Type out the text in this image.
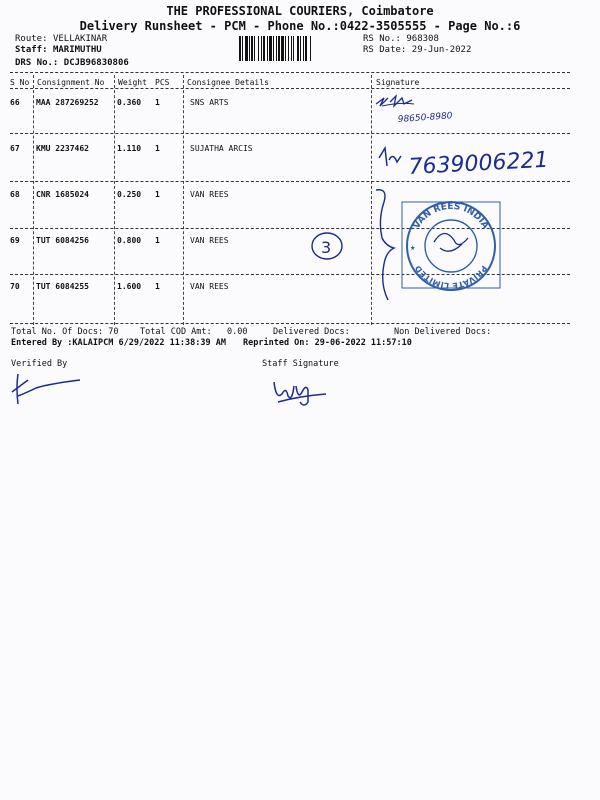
THE PROFESSIONAL COURIERS, Coimbatore
Delivery Runsheet - PCM - Phone No.:0422-3505555 - Page No.:6
Route: VELLAKINAR
Staff: MARIMUTHU
DRS No.: DCJB96830806
RS No.: 968308
RS Date: 29-Jun-2022
S No Consignment No Weight PCS Consignee Details	Signature
66 MAA 287269252 0.360 1	SNS ARTS
67 KMU 2237462	1.110 1	SUJATHA ARCIS
68 CNR 1685024	0.250 1	VAN REES
69 TUT 6084256	0.800 1	VAN REES
70 TUT 6084255	1.600 1	VAN REES
98650-8980
7639006221
3
VAN REES INDIA
PRIVATE LIMITED
★
Total No. Of Docs: 70	Total COD Amt: 0.00	Delivered Docs:	Non Delivered Docs:
Entered By :KALAIPCM 6/29/2022 11:38:39 AM Reprinted On: 29-06-2022 11:57:10
Verified By	Staff Signature
